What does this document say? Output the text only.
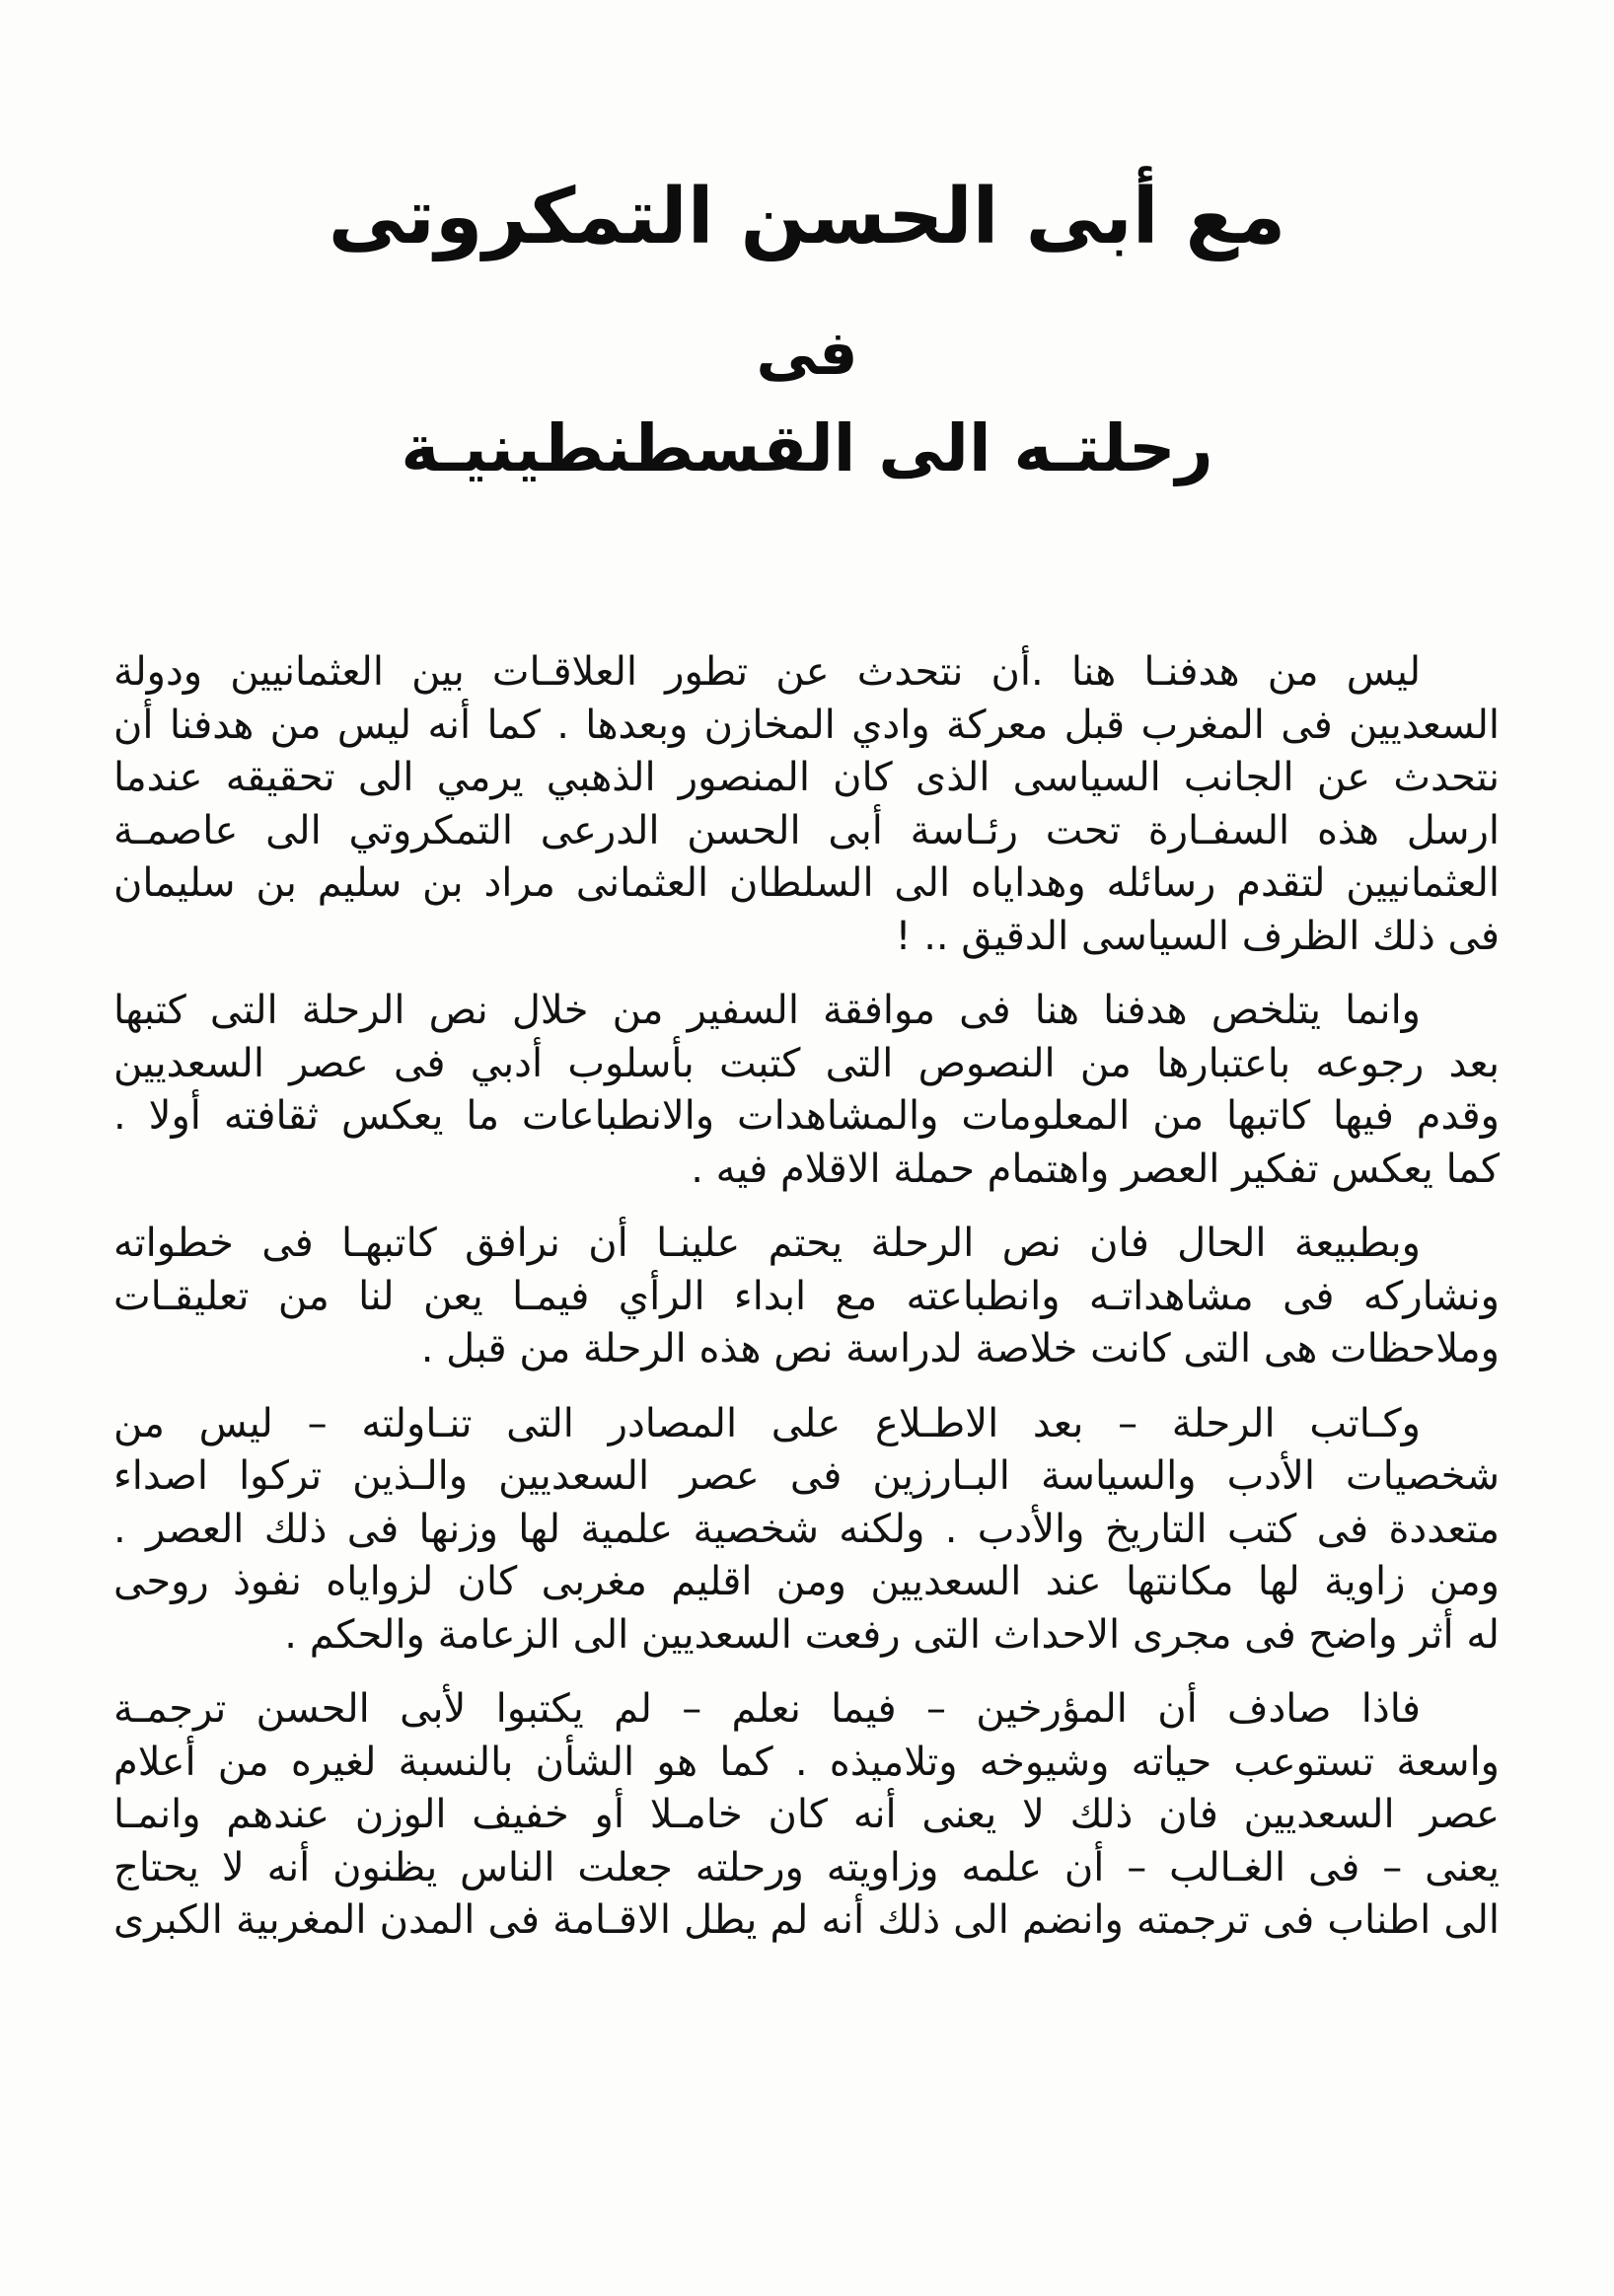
مع أبى الحسن التمكروتى
فى
رحلتـه الى القسطنطينيـة
ليس من هدفنـا هنا .أن نتحدث عن تطور العلاقـات بين العثمانيين ودولة
السعديين فى المغرب قبل معركة وادي المخازن وبعدها . كما أنه ليس من هدفنا أن
نتحدث عن الجانب السياسى الذى كان المنصور الذهبي يرمي الى تحقيقه عندما
ارسل هذه السفـارة تحت رئـاسة أبى الحسن الدرعى التمكروتي الى عاصمـة
العثمانيين لتقدم رسائله وهداياه الى السلطان العثمانى مراد بن سليم بن سليمان
فى ذلك الظرف السياسى الدقيق .. !
وانما يتلخص هدفنا هنا فى موافقة السفير من خلال نص الرحلة التى كتبها
بعد رجوعه باعتبارها من النصوص التى كتبت بأسلوب أدبي فى عصر السعديين
وقدم فيها كاتبها من المعلومات والمشاهدات والانطباعات ما يعكس ثقافته أولا .
كما يعكس تفكير العصر واهتمام حملة الاقلام فيه .
وبطبيعة الحال فان نص الرحلة يحتم علينـا أن نرافق كاتبهـا فى خطواته
ونشاركه فى مشاهداتـه وانطباعته مع ابداء الرأي فيمـا يعن لنا من تعليقـات
وملاحظات هى التى كانت خلاصة لدراسة نص هذه الرحلة من قبل .
وكـاتب الرحلة – بعد الاطـلاع على المصادر التى تنـاولته – ليس من
شخصيات الأدب والسياسة البـارزين فى عصر السعديين والـذين تركوا اصداء
متعددة فى كتب التاريخ والأدب . ولكنه شخصية علمية لها وزنها فى ذلك العصر .
ومن زاوية لها مكانتها عند السعديين ومن اقليم مغربى كان لزواياه نفوذ روحى
له أثر واضح فى مجرى الاحداث التى رفعت السعديين الى الزعامة والحكم .
فاذا صادف أن المؤرخين – فيما نعلم – لم يكتبوا لأبى الحسن ترجمـة
واسعة تستوعب حياته وشيوخه وتلاميذه . كما هو الشأن بالنسبة لغيره من أعلام
عصر السعديين فان ذلك لا يعنى أنه كان خامـلا أو خفيف الوزن عندهم وانمـا
يعنى – فى الغـالب – أن علمه وزاويته ورحلته جعلت الناس يظنون أنه لا يحتاج
الى اطناب فى ترجمته وانضم الى ذلك أنه لم يطل الاقـامة فى المدن المغربية الكبرى
